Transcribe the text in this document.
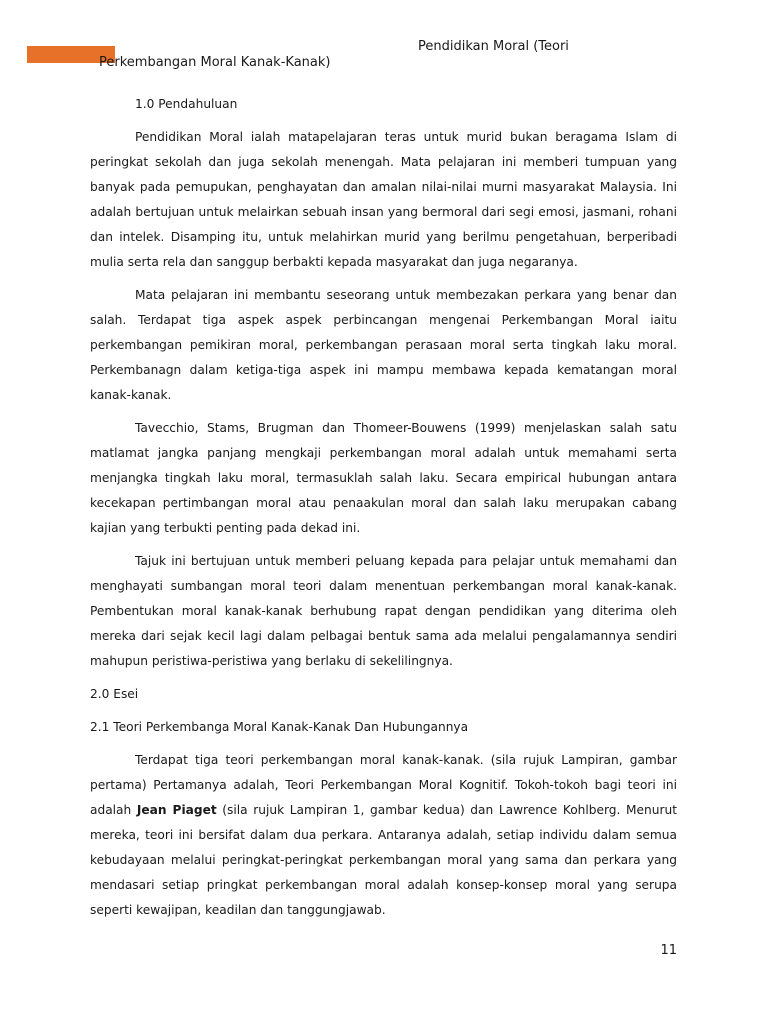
Pendidikan Moral (Teori
Perkembangan Moral Kanak-Kanak)
1.0 Pendahuluan

Pendidikan Moral ialah matapelajaran teras untuk murid bukan beragama Islam di peringkat sekolah dan juga sekolah menengah. Mata pelajaran ini memberi tumpuan yang banyak pada pemupukan, penghayatan dan amalan nilai-nilai murni masyarakat Malaysia. Ini adalah bertujuan untuk melairkan sebuah insan yang bermoral dari segi emosi, jasmani, rohani dan intelek. Disamping itu, untuk melahirkan murid yang berilmu pengetahuan, berperibadi mulia serta rela dan sanggup berbakti kepada masyarakat dan juga negaranya.

Mata pelajaran ini membantu seseorang untuk membezakan perkara yang benar dan salah. Terdapat tiga aspek aspek perbincangan mengenai Perkembangan Moral iaitu perkembangan pemikiran moral, perkembangan perasaan moral serta tingkah laku moral. Perkembanagn dalam ketiga-tiga aspek ini mampu membawa kepada kematangan moral kanak-kanak.

Tavecchio, Stams, Brugman dan Thomeer-Bouwens (1999) menjelaskan salah satu matlamat jangka panjang mengkaji perkembangan moral adalah untuk memahami serta menjangka tingkah laku moral, termasuklah salah laku. Secara empirical hubungan antara kecekapan pertimbangan moral atau penaakulan moral dan salah laku merupakan cabang kajian yang terbukti penting pada dekad ini.

Tajuk ini bertujuan untuk memberi peluang kepada para pelajar untuk memahami dan menghayati sumbangan moral teori dalam menentuan perkembangan moral kanak-kanak. Pembentukan moral kanak-kanak berhubung rapat dengan pendidikan yang diterima oleh mereka dari sejak kecil lagi dalam pelbagai bentuk sama ada melalui pengalamannya sendiri mahupun peristiwa-peristiwa yang berlaku di sekelilingnya.

2.0 Esei
2.1 Teori Perkembanga Moral Kanak-Kanak Dan Hubungannya

Terdapat tiga teori perkembangan moral kanak-kanak. (sila rujuk Lampiran, gambar pertama) Pertamanya adalah, Teori Perkembangan Moral Kognitif. Tokoh-tokoh bagi teori ini adalah Jean Piaget (sila rujuk Lampiran 1, gambar kedua) dan Lawrence Kohlberg. Menurut mereka, teori ini bersifat dalam dua perkara. Antaranya adalah, setiap individu dalam semua kebudayaan melalui peringkat-peringkat perkembangan moral yang sama dan perkara yang mendasari setiap pringkat perkembangan moral adalah konsep-konsep moral yang serupa seperti kewajipan, keadilan dan tanggungjawab.

11
